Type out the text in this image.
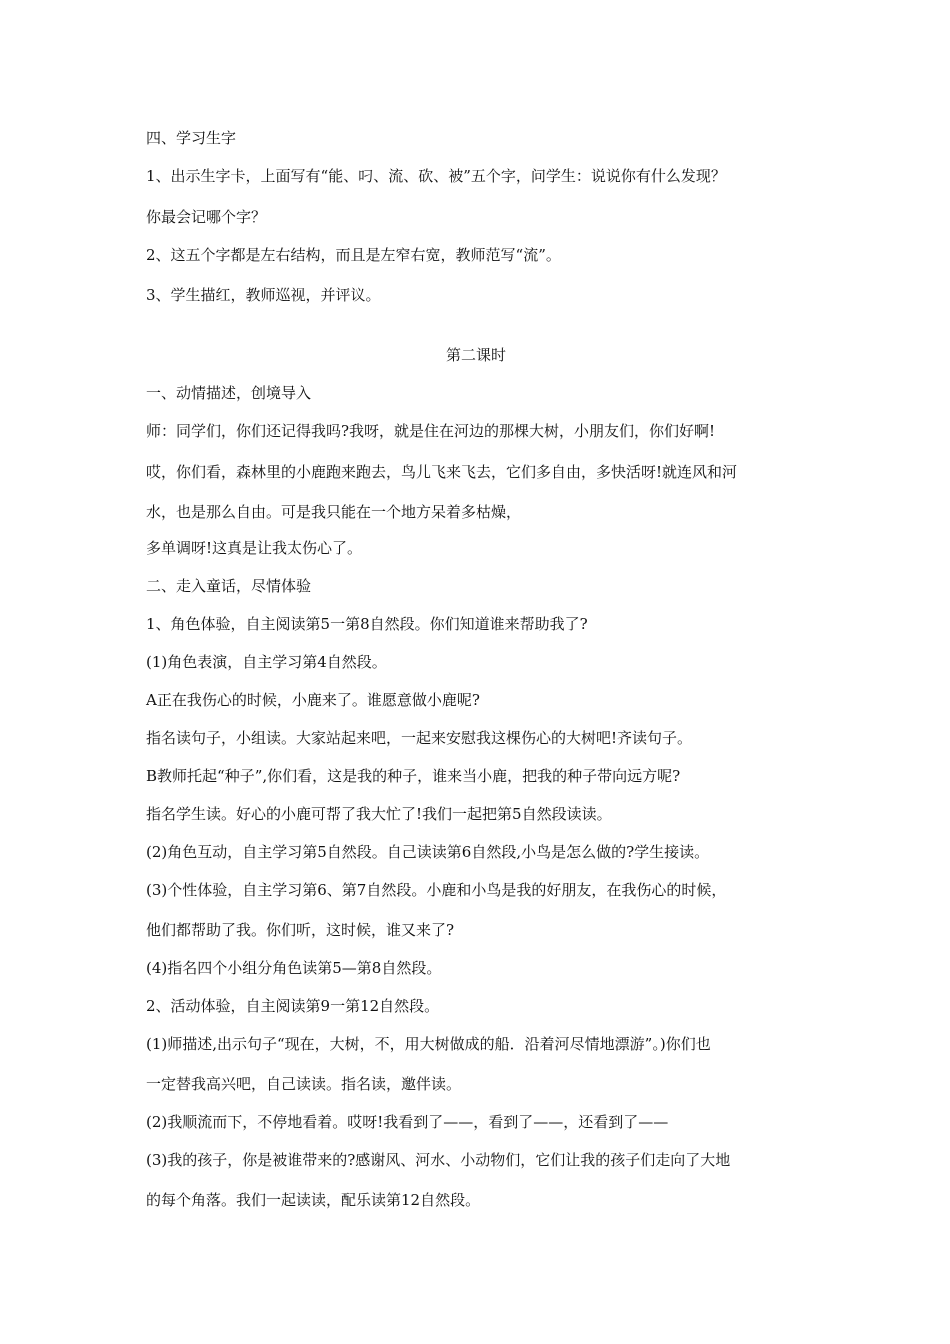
四、学习生字
1、出示生字卡，上面写有“能、叼、流、砍、被”五个字，问学生：说说你有什么发现？
你最会记哪个字？
2、这五个字都是左右结构，而且是左窄右宽，教师范写“流”。
3、学生描红，教师巡视，并评议。
第二课时
一、动情描述，创境导入
师：同学们，你们还记得我吗?我呀，就是住在河边的那棵大树，小朋友们，你们好啊!
哎，你们看，森林里的小鹿跑来跑去，鸟儿飞来飞去，它们多自由，多快活呀!就连风和河
水，也是那么自由。可是我只能在一个地方呆着多枯燥，
多单调呀!这真是让我太伤心了。
二、走入童话，尽情体验
1、角色体验，自主阅读第5一第8自然段。你们知道谁来帮助我了?
(1)角色表演，自主学习第4自然段。
A正在我伤心的时候，小鹿来了。谁愿意做小鹿呢?
指名读句子，小组读。大家站起来吧，一起来安慰我这棵伤心的大树吧!齐读句子。
B教师托起“种子”,你们看，这是我的种子，谁来当小鹿，把我的种子带向远方呢?
指名学生读。好心的小鹿可帮了我大忙了!我们一起把第5自然段读读。
(2)角色互动，自主学习第5自然段。自己读读第6自然段,小鸟是怎么做的?学生接读。
(3)个性体验，自主学习第6、第7自然段。小鹿和小鸟是我的好朋友，在我伤心的时候，
他们都帮助了我。你们听，这时候，谁又来了?
(4)指名四个小组分角色读第5—第8自然段。
2、活动体验，自主阅读第9一第12自然段。
(1)师描述,出示句子“现在，大树，不，用大树做成的船．沿着河尽情地漂游”。)你们也
一定替我高兴吧，自己读读。指名读，邀伴读。
(2)我顺流而下，不停地看着。哎呀!我看到了——，看到了——，还看到了——
(3)我的孩子，你是被谁带来的?感谢风、河水、小动物们，它们让我的孩子们走向了大地
的每个角落。我们一起读读，配乐读第12自然段。
